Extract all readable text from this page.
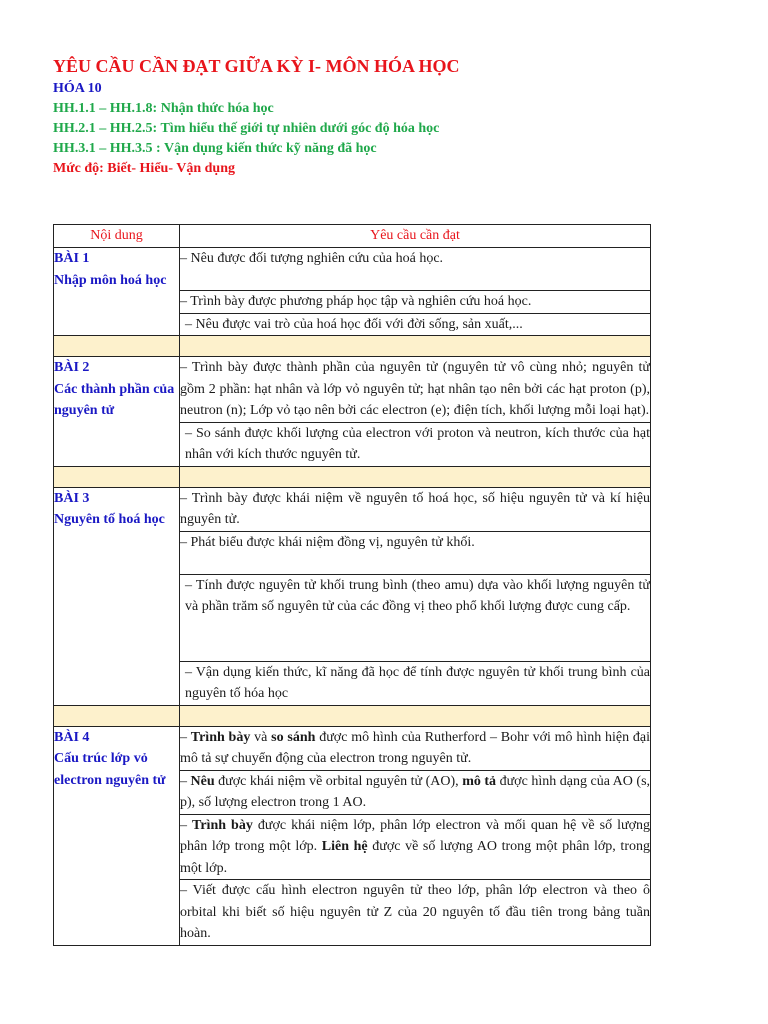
YÊU CẦU CẦN ĐẠT GIỮA KỲ I- MÔN HÓA HỌC
HÓA 10
HH.1.1 – HH.1.8: Nhận thức hóa học
HH.2.1 – HH.2.5: Tìm hiểu thế giới tự nhiên dưới góc độ hóa học
HH.3.1 – HH.3.5 : Vận dụng kiến thức kỹ năng đã học
Mức độ: Biết- Hiểu- Vận dụng
Nội dung	Yêu cầu cần đạt

BÀI 1
Nhập môn hoá học	– Nêu được đối tượng nghiên cứu của hoá học.
	– Trình bày được phương pháp học tập và nghiên cứu hoá học.
	– Nêu được vai trò của hoá học đối với đời sống, sản xuất,...

BÀI 2
Các thành phần của nguyên tử	– Trình bày được thành phần của nguyên tử (nguyên tử vô cùng nhỏ; nguyên tử gồm 2 phần: hạt nhân và lớp vỏ nguyên tử; hạt nhân tạo nên bởi các hạt proton (p), neutron (n); Lớp vỏ tạo nên bởi các electron (e); điện tích, khối lượng mỗi loại hạt).
	– So sánh được khối lượng của electron với proton và neutron, kích thước của hạt nhân với kích thước nguyên tử.

BÀI 3
Nguyên tố hoá học	– Trình bày được khái niệm về nguyên tố hoá học, số hiệu nguyên tử và kí hiệu nguyên tử.
	– Phát biểu được khái niệm đồng vị, nguyên tử khối.
	– Tính được nguyên tử khối trung bình (theo amu) dựa vào khối lượng nguyên tử và phần trăm số nguyên tử của các đồng vị theo phổ khối lượng được cung cấp.
	– Vận dụng kiến thức, kĩ năng đã học để tính được nguyên tử khối trung bình của nguyên tố hóa học

BÀI 4
Cấu trúc lớp vỏ electron nguyên tử	– Trình bày và so sánh được mô hình của Rutherford – Bohr với mô hình hiện đại mô tả sự chuyển động của electron trong nguyên tử.
	– Nêu được khái niệm về orbital nguyên tử (AO), mô tả được hình dạng của AO (s, p), số lượng electron trong 1 AO.
	– Trình bày được khái niệm lớp, phân lớp electron và mối quan hệ về số lượng phân lớp trong một lớp. Liên hệ được về số lượng AO trong một phân lớp, trong một lớp.
	– Viết được cấu hình electron nguyên tử theo lớp, phân lớp electron và theo ô orbital khi biết số hiệu nguyên tử Z của 20 nguyên tố đầu tiên trong bảng tuần hoàn.
